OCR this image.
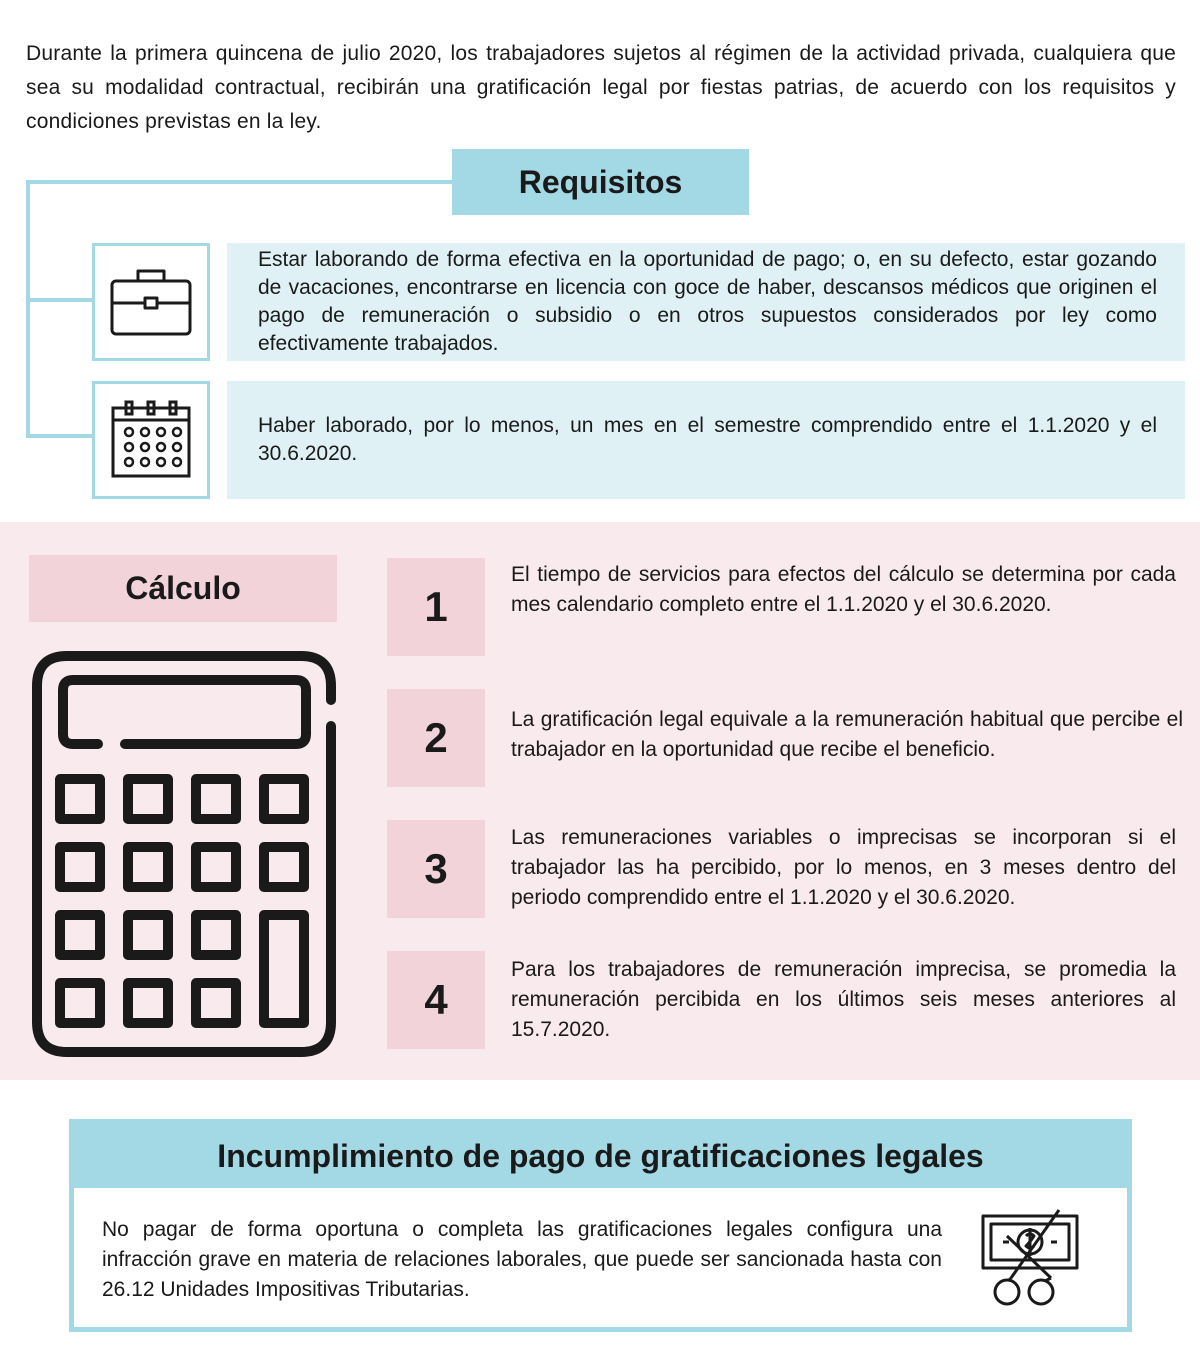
Durante la primera quincena de julio 2020, los trabajadores sujetos al régimen de la actividad privada, cualquiera que sea su modalidad contractual, recibirán una gratificación legal por fiestas patrias, de acuerdo con los requisitos y condiciones previstas en la ley.

Requisitos
Estar laborando de forma efectiva en la oportunidad de pago; o, en su defecto, estar gozando de vacaciones, encontrarse en licencia con goce de haber, descansos médicos que originen el pago de remuneración o subsidio o en otros supuestos considerados por ley como efectivamente trabajados.
Haber laborado, por lo menos, un mes en el semestre comprendido entre el 1.1.2020 y el 30.6.2020.
Cálculo	1

El tiempo de servicios para efectos del cálculo se determina por cada mes calendario completo entre el 1.1.2020 y el 30.6.2020.

2	La gratificación legal equivale a la remuneración habitual que percibe el trabajador en la oportunidad que recibe el beneficio.

3

Las remuneraciones variables o imprecisas se incorporan si el trabajador las ha percibido, por lo menos, en 3 meses dentro del periodo comprendido entre el 1.1.2020 y el 30.6.2020.

4

Para los trabajadores de remuneración imprecisa, se promedia la remuneración percibida en los últimos seis meses anteriores al 15.7.2020.

Incumplimiento de pago de gratificaciones legales

No pagar de forma oportuna o completa las gratificaciones legales configura una infracción grave en materia de relaciones laborales, que puede ser sancionada hasta con 26.12 Unidades Impositivas Tributarias.
